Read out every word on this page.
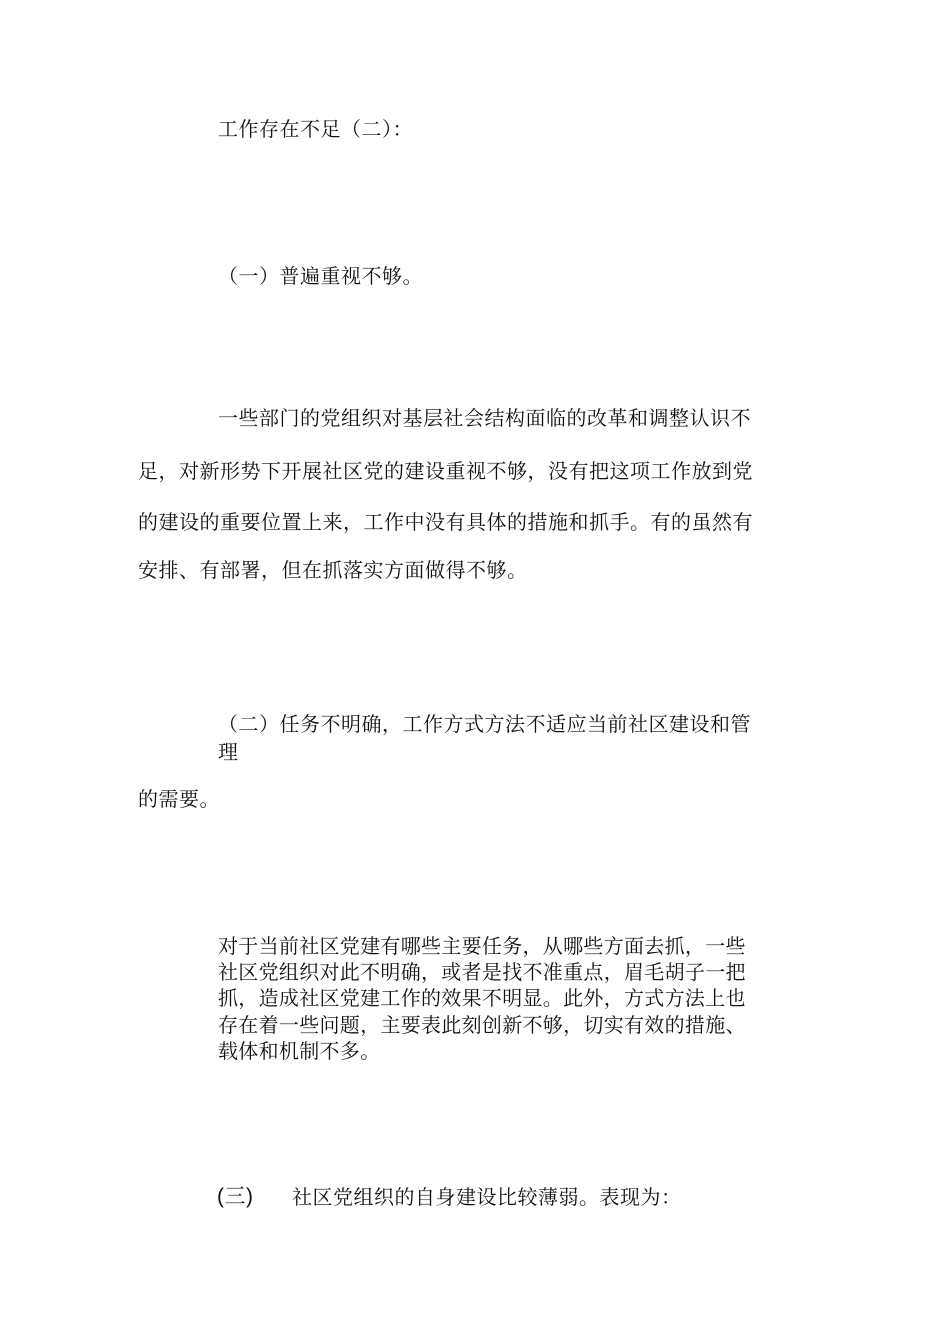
工作存在不足（二）：
（一）普遍重视不够。
一些部门的党组织对基层社会结构面临的改革和调整认识不
足，对新形势下开展社区党的建设重视不够，没有把这项工作放到党
的建设的重要位置上来，工作中没有具体的措施和抓手。有的虽然有
安排、有部署，但在抓落实方面做得不够。
（二）任务不明确，工作方式方法不适应当前社区建设和管
理
的需要。
对于当前社区党建有哪些主要任务，从哪些方面去抓，一些
社区党组织对此不明确，或者是找不准重点，眉毛胡子一把
抓，造成社区党建工作的效果不明显。此外，方式方法上也
存在着一些问题，主要表此刻创新不够，切实有效的措施、
载体和机制不多。
(三) 社区党组织的自身建设比较薄弱。表现为：
